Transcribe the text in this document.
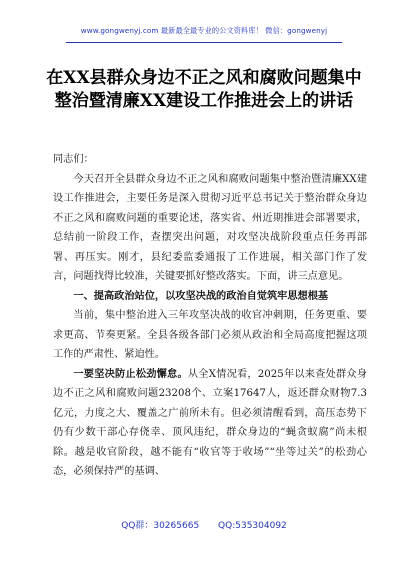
www.gongwenyj.com 最新最全最专业的公文资料库！ 微信：gongwenyj
在XX县群众身边不正之风和腐败问题集中整治暨清廉XX建设工作推进会上的讲话

同志们：

今天召开全县群众身边不正之风和腐败问题集中整治暨清廉XX建设工作推进会，主要任务是深入贯彻习近平总书记关于整治群众身边不正之风和腐败问题的重要论述，落实省、州近期推进会部署要求，总结前一阶段工作，查摆突出问题，对攻坚决战阶段重点任务再部署、再压实。刚才，县纪委监委通报了工作进展，相关部门作了发言，问题找得比较准，关键要抓好整改落实。下面，讲三点意见。

一、提高政治站位，以攻坚决战的政治自觉筑牢思想根基

当前，集中整治进入三年攻坚决战的收官冲刺期，任务更重、要求更高、节奏更紧。全县各级各部门必须从政治和全局高度把握这项工作的严肃性、紧迫性。

一要坚决防止松劲懈怠。从全X情况看，2025年以来查处群众身边不正之风和腐败问题23208个、立案17647人，返还群众财物7.3亿元，力度之大、覆盖之广前所未有。但必须清醒看到，高压态势下仍有少数干部心存侥幸、顶风违纪，群众身边的“蝇贪蚁腐”尚未根除。越是收官阶段，越不能有“收官等于收场”“坐等过关”的松劲心态，必须保持严的基调、

QQ群：30265665 QQ:535304092
